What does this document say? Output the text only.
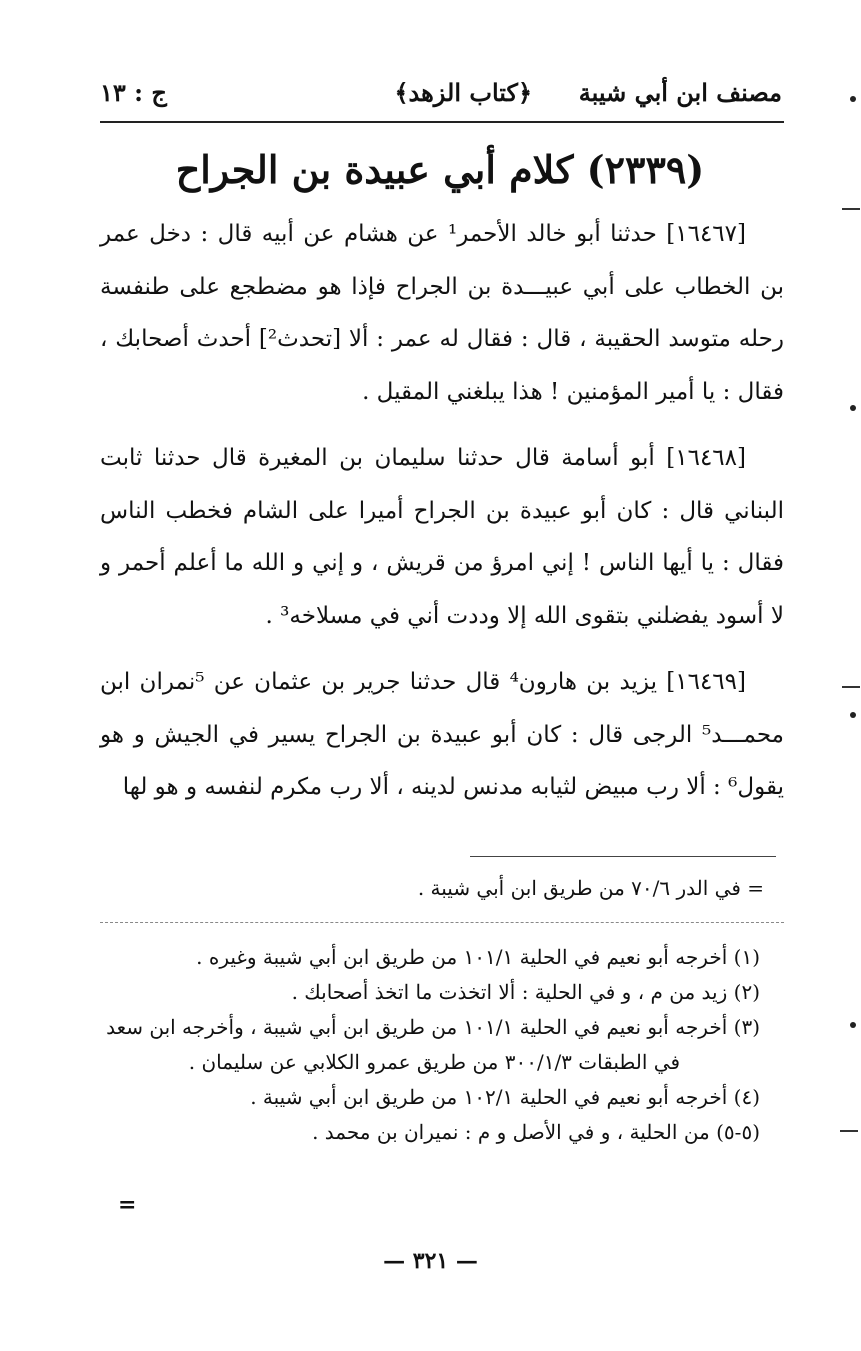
مصنف ابن أبي شيبة
﴿كتاب الزهد﴾
ج : ١٣
(٢٣٣٩) كلام أبي عبيدة بن الجراح

[١٦٤٦٧] حدثنا أبو خالد الأحمر¹ عن هشام عن أبيه قال : دخل عمر بن الخطاب على أبي عبيـــدة بن الجراح فإذا هو مضطجع على طنفسة رحله متوسد الحقيبة ، قال : فقال له عمر : ألا [تحدث²] أحدث أصحابك ، فقال : يا أمير المؤمنين ! هذا يبلغني المقيل .

[١٦٤٦٨] أبو أسامة قال حدثنا سليمان بن المغيرة قال حدثنا ثابت البناني قال : كان أبو عبيدة بن الجراح أميرا على الشام فخطب الناس فقال : يا أيها الناس ! إني امرؤ من قريش ، و إني و الله ما أعلم أحمر و لا أسود يفضلني بتقوى الله إلا وددت أني في مسلاخه³ .

[١٦٤٦٩] يزيد بن هارون⁴ قال حدثنا جرير بن عثمان عن ⁵نمران ابن محمـــد⁵ الرجى قال : كان أبو عبيدة بن الجراح يسير في الجيش و هو يقول⁶ : ألا رب مبيض لثيابه مدنس لدينه ، ألا رب مكرم لنفسه و هو لها

= في الدر ٧٠/٦ من طريق ابن أبي شيبة .

(١) أخرجه أبو نعيم في الحلية ١٠١/١ من طريق ابن أبي شيبة وغيره .

(٢) زيد من م ، و في الحلية : ألا اتخذت ما اتخذ أصحابك .

(٣) أخرجه أبو نعيم في الحلية ١٠١/١ من طريق ابن أبي شيبة ، وأخرجه ابن سعد

في الطبقات ٣٠٠/١/٣ من طريق عمرو الكلابي عن سليمان .

(٤) أخرجه أبو نعيم في الحلية ١٠٢/١ من طريق ابن أبي شيبة .

(٥-٥) من الحلية ، و في الأصل و م : نميران بن محمد .

=
— ٣٢١ —
